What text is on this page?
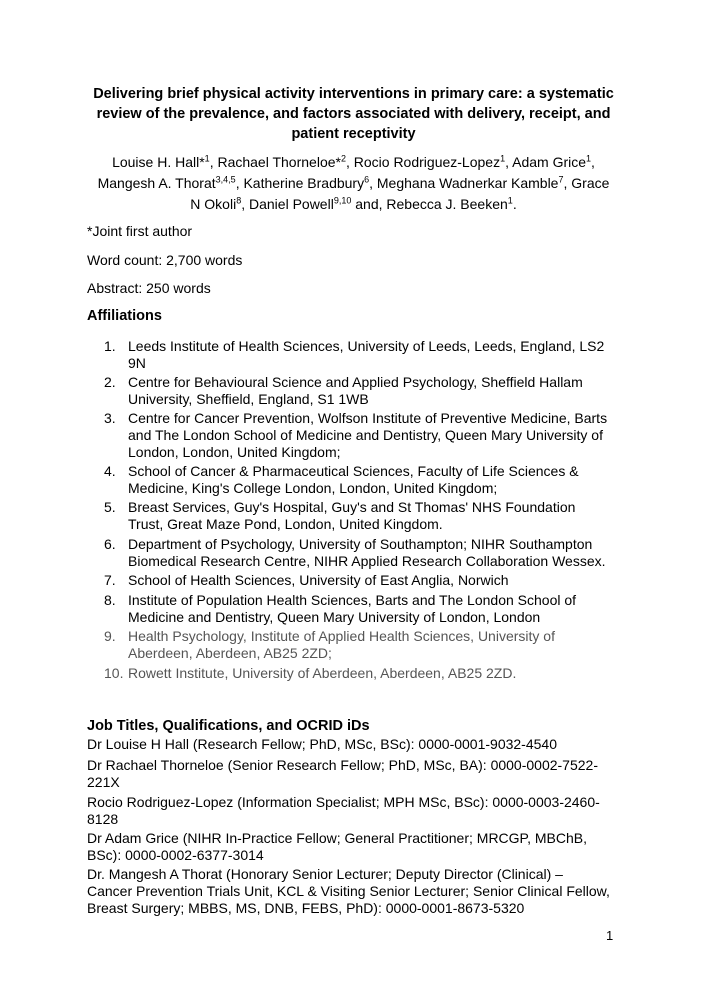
Delivering brief physical activity interventions in primary care: a systematic
review of the prevalence, and factors associated with delivery, receipt, and
patient receptivity
Louise H. Hall*$^1$, Rachael Thorneloe*$^2$, Rocio Rodriguez-Lopez$^1$, Adam Grice$^1$,
Mangesh A. Thorat$^{3,4,5}$, Katherine Bradbury$^6$, Meghana Wadnerkar Kamble$^7$, Grace
N Okoli$^8$, Daniel Powell$^{9,10}$ and, Rebecca J. Beeken$^1$.
*Joint first author
Word count: 2,700 words
Abstract: 250 words
Affiliations
1. Leeds Institute of Health Sciences, University of Leeds, Leeds, England, LS2
9N
2. Centre for Behavioural Science and Applied Psychology, Sheffield Hallam
University, Sheffield, England, S1 1WB
3. Centre for Cancer Prevention, Wolfson Institute of Preventive Medicine, Barts
and The London School of Medicine and Dentistry, Queen Mary University of
London, London, United Kingdom;
4. School of Cancer & Pharmaceutical Sciences, Faculty of Life Sciences &
Medicine, King's College London, London, United Kingdom;
5. Breast Services, Guy's Hospital, Guy's and St Thomas' NHS Foundation
Trust, Great Maze Pond, London, United Kingdom.
6. Department of Psychology, University of Southampton; NIHR Southampton
Biomedical Research Centre, NIHR Applied Research Collaboration Wessex.
7. School of Health Sciences, University of East Anglia, Norwich
8. Institute of Population Health Sciences, Barts and The London School of
Medicine and Dentistry, Queen Mary University of London, London
9. Health Psychology, Institute of Applied Health Sciences, University of
Aberdeen, Aberdeen, AB25 2ZD;
10. Rowett Institute, University of Aberdeen, Aberdeen, AB25 2ZD.
Job Titles, Qualifications, and OCRID iDs
Dr Louise H Hall (Research Fellow; PhD, MSc, BSc): 0000-0001-9032-4540
Dr Rachael Thorneloe (Senior Research Fellow; PhD, MSc, BA): 0000-0002-7522-
221X
Rocio Rodriguez-Lopez (Information Specialist; MPH MSc, BSc): 0000-0003-2460-
8128
Dr Adam Grice (NIHR In-Practice Fellow; General Practitioner; MRCGP, MBChB,
BSc): 0000-0002-6377-3014
Dr. Mangesh A Thorat (Honorary Senior Lecturer; Deputy Director (Clinical) –
Cancer Prevention Trials Unit, KCL & Visiting Senior Lecturer; Senior Clinical Fellow,
Breast Surgery; MBBS, MS, DNB, FEBS, PhD): 0000-0001-8673-5320
1
